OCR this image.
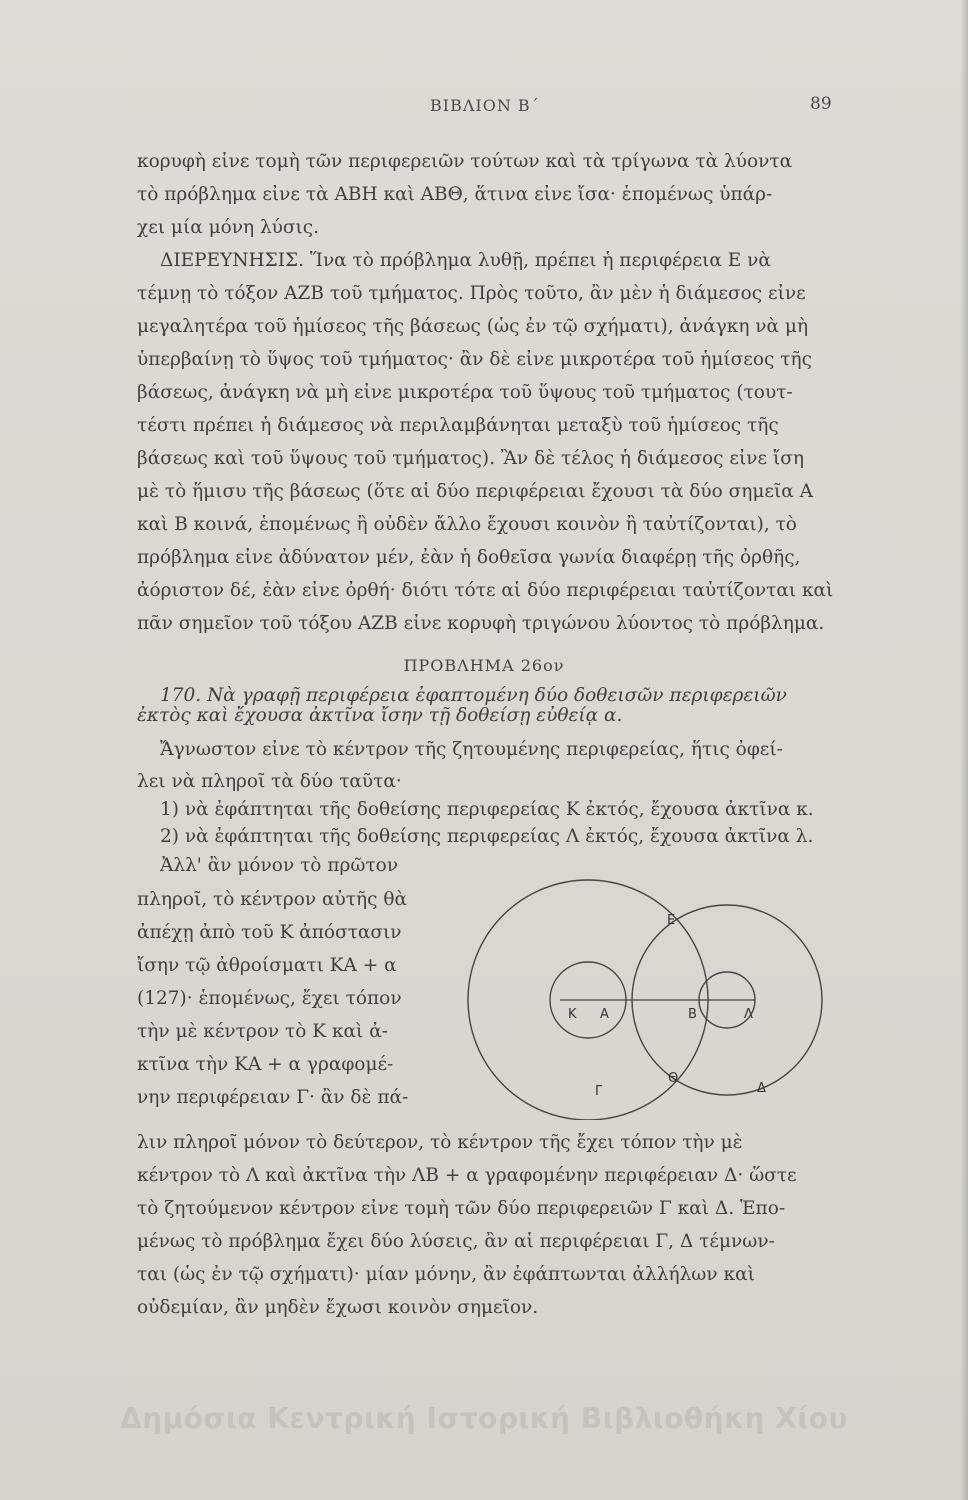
ΒΙΒΛΙΟΝ Β΄	89
κορυφὴ εἶνε τομὴ τῶν περιφερειῶν τούτων καὶ τὰ τρίγωνα τὰ λύοντα
τὸ πρόβλημα εἶνε τὰ ΑΒΗ καὶ ΑΒΘ, ἅτινα εἶνε ἴσα· ἑπομένως ὑπάρ-
χει μία μόνη λύσις.
ΔΙΕΡΕΥΝΗΣΙΣ. Ἵνα τὸ πρόβλημα λυθῇ, πρέπει ἡ περιφέρεια Ε νὰ
τέμνῃ τὸ τόξον ΑΖΒ τοῦ τμήματος. Πρὸς τοῦτο, ἂν μὲν ἡ διάμεσος εἶνε
μεγαλητέρα τοῦ ἡμίσεος τῆς βάσεως (ὡς ἐν τῷ σχήματι), ἀνάγκη νὰ μὴ
ὑπερβαίνῃ τὸ ὕψος τοῦ τμήματος· ἂν δὲ εἶνε μικροτέρα τοῦ ἡμίσεος τῆς
βάσεως, ἀνάγκη νὰ μὴ εἶνε μικροτέρα τοῦ ὕψους τοῦ τμήματος (τουτ-
τέστι πρέπει ἡ διάμεσος νὰ περιλαμβάνηται μεταξὺ τοῦ ἡμίσεος τῆς
βάσεως καὶ τοῦ ὕψους τοῦ τμήματος). Ἂν δὲ τέλος ἡ διάμεσος εἶνε ἴση
μὲ τὸ ἥμισυ τῆς βάσεως (ὅτε αἱ δύο περιφέρειαι ἔχουσι τὰ δύο σημεῖα Α
καὶ Β κοινά, ἑπομένως ἢ οὐδὲν ἄλλο ἔχουσι κοινὸν ἢ ταὐτίζονται), τὸ
πρόβλημα εἶνε ἀδύνατον μέν, ἐὰν ἡ δοθεῖσα γωνία διαφέρῃ τῆς ὀρθῆς,
ἀόριστον δέ, ἐὰν εἶνε ὀρθή· διότι τότε αἱ δύο περιφέρειαι ταὐτίζονται καὶ
πᾶν σημεῖον τοῦ τόξου ΑΖΒ εἶνε κορυφὴ τριγώνου λύοντος τὸ πρόβλημα.
ΠΡΟΒΛΗΜΑ 26ον
170. Νὰ γραφῇ περιφέρεια ἐφαπτομένη δύο δοθεισῶν περιφερειῶν
ἐκτὸς καὶ ἔχουσα ἀκτῖνα ἴσην τῇ δοθείσῃ εὐθείᾳ α.
Ἄγνωστον εἶνε τὸ κέντρον τῆς ζητουμένης περιφερείας, ἥτις ὀφεί-
λει νὰ πληροῖ τὰ δύο ταῦτα·
1) νὰ ἐφάπτηται τῆς δοθείσης περιφερείας Κ ἐκτός, ἔχουσα ἀκτῖνα κ.
2) νὰ ἐφάπτηται τῆς δοθείσης περιφερείας Λ ἐκτός, ἔχουσα ἀκτῖνα λ.
Ἀλλ' ἂν μόνον τὸ πρῶτον
πληροῖ, τὸ κέντρον αὐτῆς θὰ
ἀπέχῃ ἀπὸ τοῦ Κ ἀπόστασιν
ἴσην τῷ ἀθροίσματι ΚΑ + α
(127)· ἑπομένως, ἔχει τόπον
τὴν μὲ κέντρον τὸ Κ καὶ ἀ-
κτῖνα τὴν ΚΑ + α γραφομέ-
νην περιφέρειαν Γ· ἂν δὲ πά-
Ε
Κ Α	Β	Λ
Θ
Γ	Δ
λιν πληροῖ μόνον τὸ δεύτερον, τὸ κέντρον τῆς ἔχει τόπον τὴν μὲ
κέντρον τὸ Λ καὶ ἀκτῖνα τὴν ΛΒ + α γραφομένην περιφέρειαν Δ· ὥστε
τὸ ζητούμενον κέντρον εἶνε τομὴ τῶν δύο περιφερειῶν Γ καὶ Δ. Ἑπο-
μένως τὸ πρόβλημα ἔχει δύο λύσεις, ἂν αἱ περιφέρειαι Γ, Δ τέμνων-
ται (ὡς ἐν τῷ σχήματι)· μίαν μόνην, ἂν ἐφάπτωνται ἀλλήλων καὶ
οὐδεμίαν, ἂν μηδὲν ἔχωσι κοινὸν σημεῖον.
Δημόσια Κεντρική Ιστορική Βιβλιοθήκη Χίου
